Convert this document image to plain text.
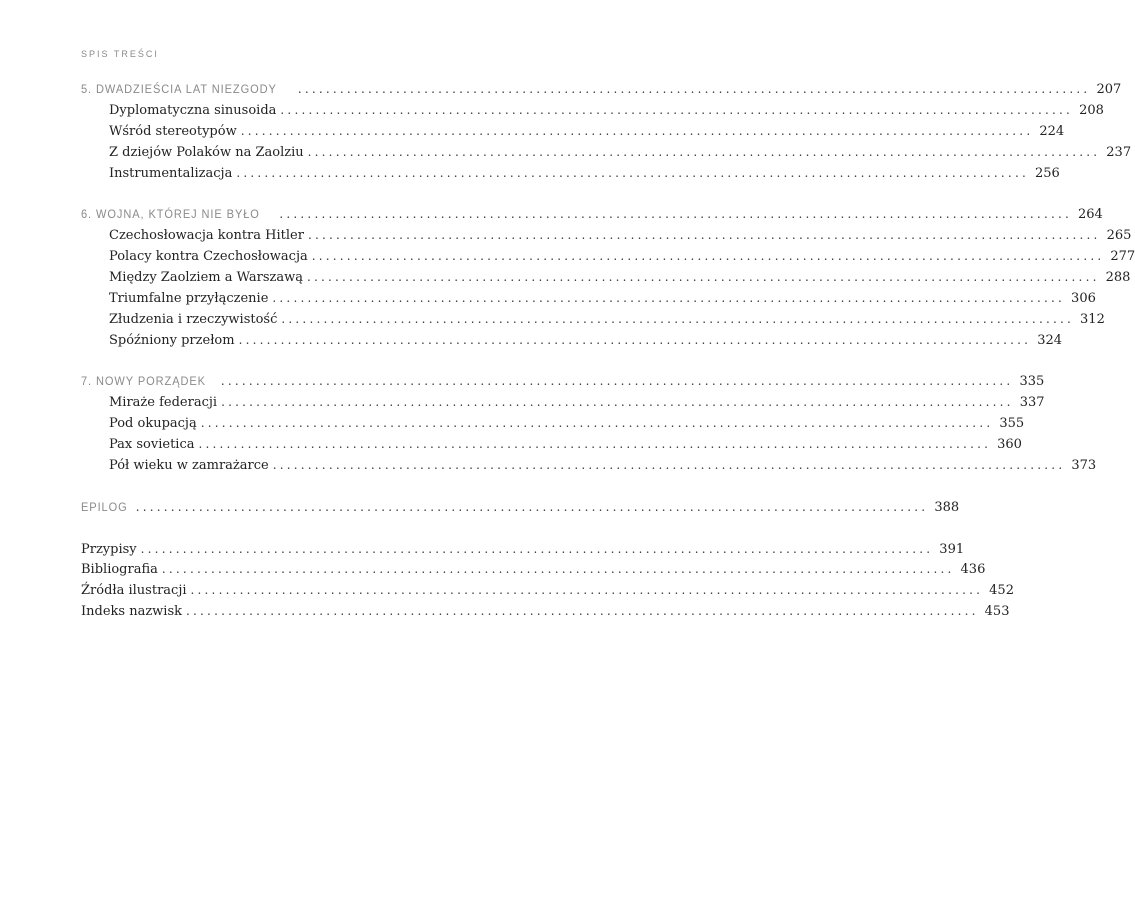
SPIS TREŚCI
5. DWADZIEŚCIA LAT NIEZGODY	................................................................................................................. 207
Dyplomatyczna sinusoida ................................................................................................................. 208
Wśród stereotypów ................................................................................................................. 224
Z dziejów Polaków na Zaolziu ................................................................................................................. 237
Instrumentalizacja ................................................................................................................. 256
6. WOJNA, KTÓREJ NIE BYŁO	................................................................................................................. 264
Czechosłowacja kontra Hitler ................................................................................................................. 265
Polacy kontra Czechosłowacja ................................................................................................................. 277
Między Zaolziem a Warszawą ................................................................................................................. 288
Triumfalne przyłączenie ................................................................................................................. 306
Złudzenia i rzeczywistość ................................................................................................................. 312
Spóźniony przełom ................................................................................................................. 324
7. NOWY PORZĄDEK	................................................................................................................. 335
Miraże federacji ................................................................................................................. 337
Pod okupacją ................................................................................................................. 355
Pax sovietica ................................................................................................................. 360
Pół wieku w zamrażarce ................................................................................................................. 373
EPILOG ................................................................................................................. 388
Przypisy ................................................................................................................. 391
Bibliografia ................................................................................................................. 436
Źródła ilustracji ................................................................................................................. 452
Indeks nazwisk ................................................................................................................. 453
